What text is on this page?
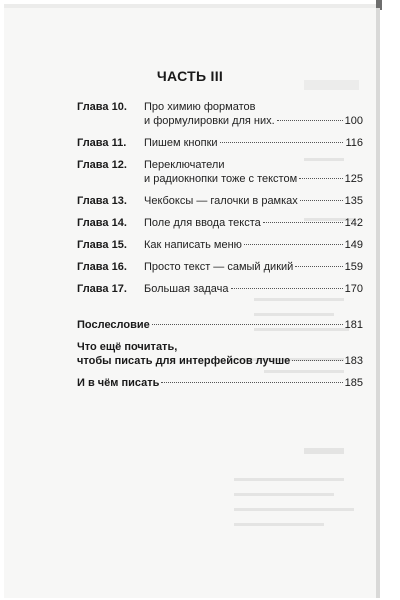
ЧАСТЬ III
Глава 10.	Про химию форматов
и формулировки для них.	100
Глава 11.	Пишем кнопки	116
Глава 12.	Переключатели
и радиокнопки тоже с текстом	125
Глава 13.	Чекбоксы — галочки в рамках	135
Глава 14.	Поле для ввода текста	142
Глава 15.	Как написать меню	149
Глава 16.	Просто текст — самый дикий	159
Глава 17.	Большая задача	170
Послесловие	181
Что ещё почитать,
чтобы писать для интерфейсов лучше	183
И в чём писать	185
